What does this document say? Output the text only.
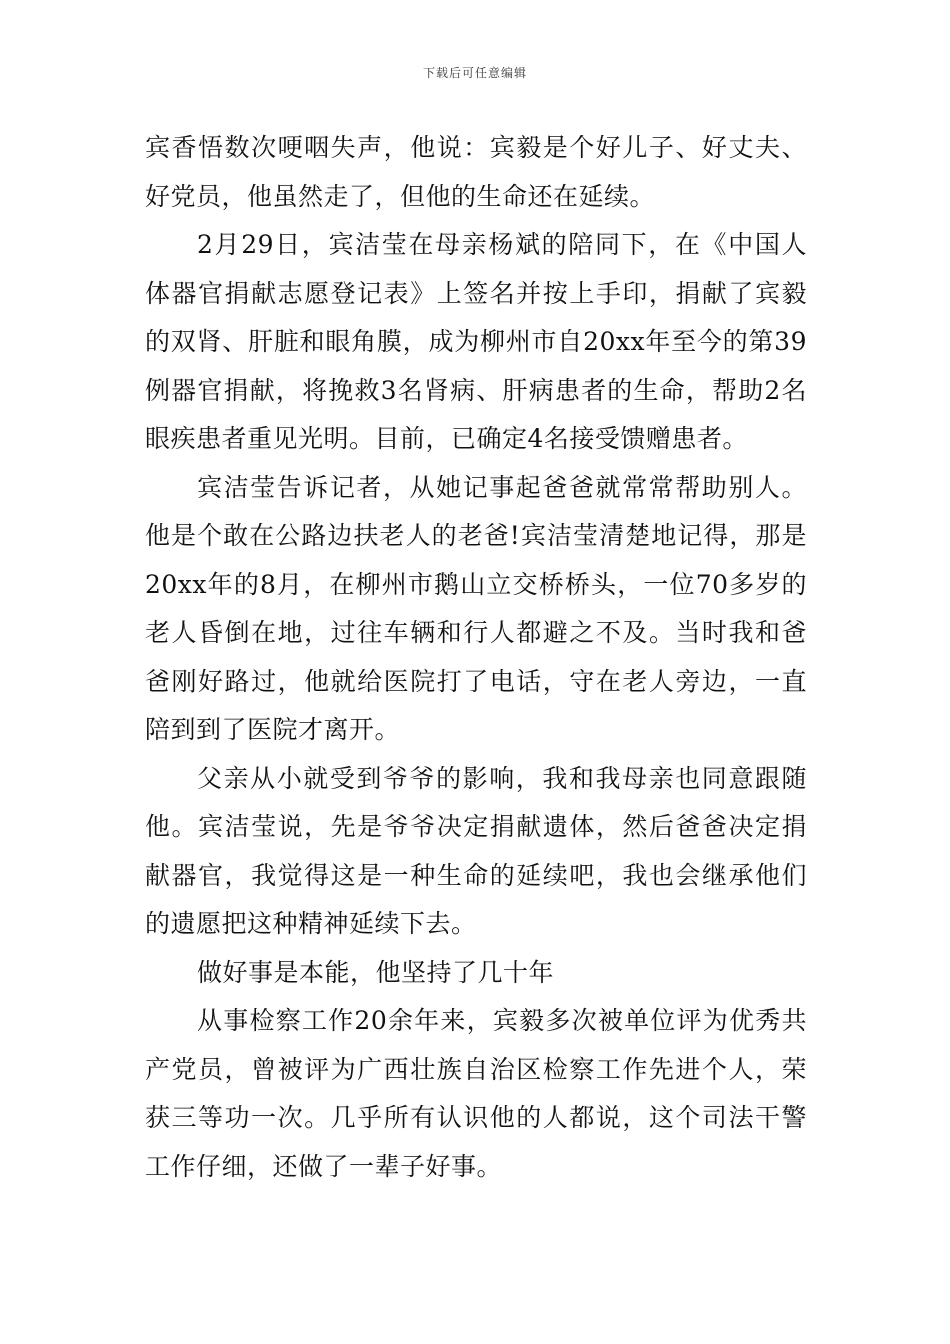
下载后可任意编辑

宾香悟数次哽咽失声，他说：宾毅是个好儿子、好丈夫、好党员，他虽然走了，但他的生命还在延续。

2月29日，宾洁莹在母亲杨斌的陪同下，在《中国人体器官捐献志愿登记表》上签名并按上手印，捐献了宾毅的双肾、肝脏和眼角膜，成为柳州市自20xx年至今的第39例器官捐献，将挽救3名肾病、肝病患者的生命，帮助2名眼疾患者重见光明。目前，已确定4名接受馈赠患者。

宾洁莹告诉记者，从她记事起爸爸就常常帮助别人。他是个敢在公路边扶老人的老爸!宾洁莹清楚地记得，那是20xx年的8月，在柳州市鹅山立交桥桥头，一位70多岁的老人昏倒在地，过往车辆和行人都避之不及。当时我和爸爸刚好路过，他就给医院打了电话，守在老人旁边，一直陪到到了医院才离开。

父亲从小就受到爷爷的影响，我和我母亲也同意跟随他。宾洁莹说，先是爷爷决定捐献遗体，然后爸爸决定捐献器官，我觉得这是一种生命的延续吧，我也会继承他们的遗愿把这种精神延续下去。

做好事是本能，他坚持了几十年

从事检察工作20余年来，宾毅多次被单位评为优秀共产党员，曾被评为广西壮族自治区检察工作先进个人，荣获三等功一次。几乎所有认识他的人都说，这个司法干警工作仔细，还做了一辈子好事。
